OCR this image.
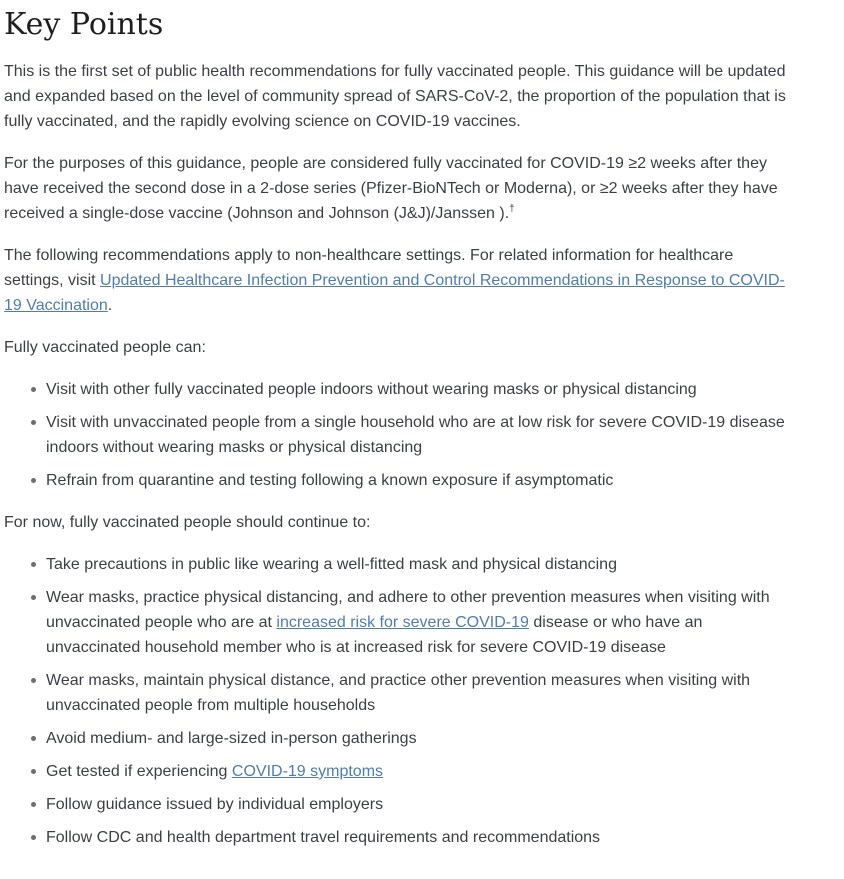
Key Points

This is the first set of public health recommendations for fully vaccinated people. This guidance will be updated and expanded based on the level of community spread of SARS-CoV-2, the proportion of the population that is fully vaccinated, and the rapidly evolving science on COVID-19 vaccines.

For the purposes of this guidance, people are considered fully vaccinated for COVID-19 ≥2 weeks after they have received the second dose in a 2-dose series (Pfizer-BioNTech or Moderna), or ≥2 weeks after they have received a single-dose vaccine (Johnson and Johnson (J&J)/Janssen ).†

The following recommendations apply to non-healthcare settings. For related information for healthcare settings, visit Updated Healthcare Infection Prevention and Control Recommendations in Response to COVID-19 Vaccination.

Fully vaccinated people can:

Visit with other fully vaccinated people indoors without wearing masks or physical distancing
Visit with unvaccinated people from a single household who are at low risk for severe COVID-19 disease indoors without wearing masks or physical distancing
Refrain from quarantine and testing following a known exposure if asymptomatic

For now, fully vaccinated people should continue to:

Take precautions in public like wearing a well-fitted mask and physical distancing
Wear masks, practice physical distancing, and adhere to other prevention measures when visiting with unvaccinated people who are at increased risk for severe COVID-19 disease or who have an unvaccinated household member who is at increased risk for severe COVID-19 disease
Wear masks, maintain physical distance, and practice other prevention measures when visiting with unvaccinated people from multiple households
Avoid medium- and large-sized in-person gatherings
Get tested if experiencing COVID-19 symptoms
Follow guidance issued by individual employers
Follow CDC and health department travel requirements and recommendations
